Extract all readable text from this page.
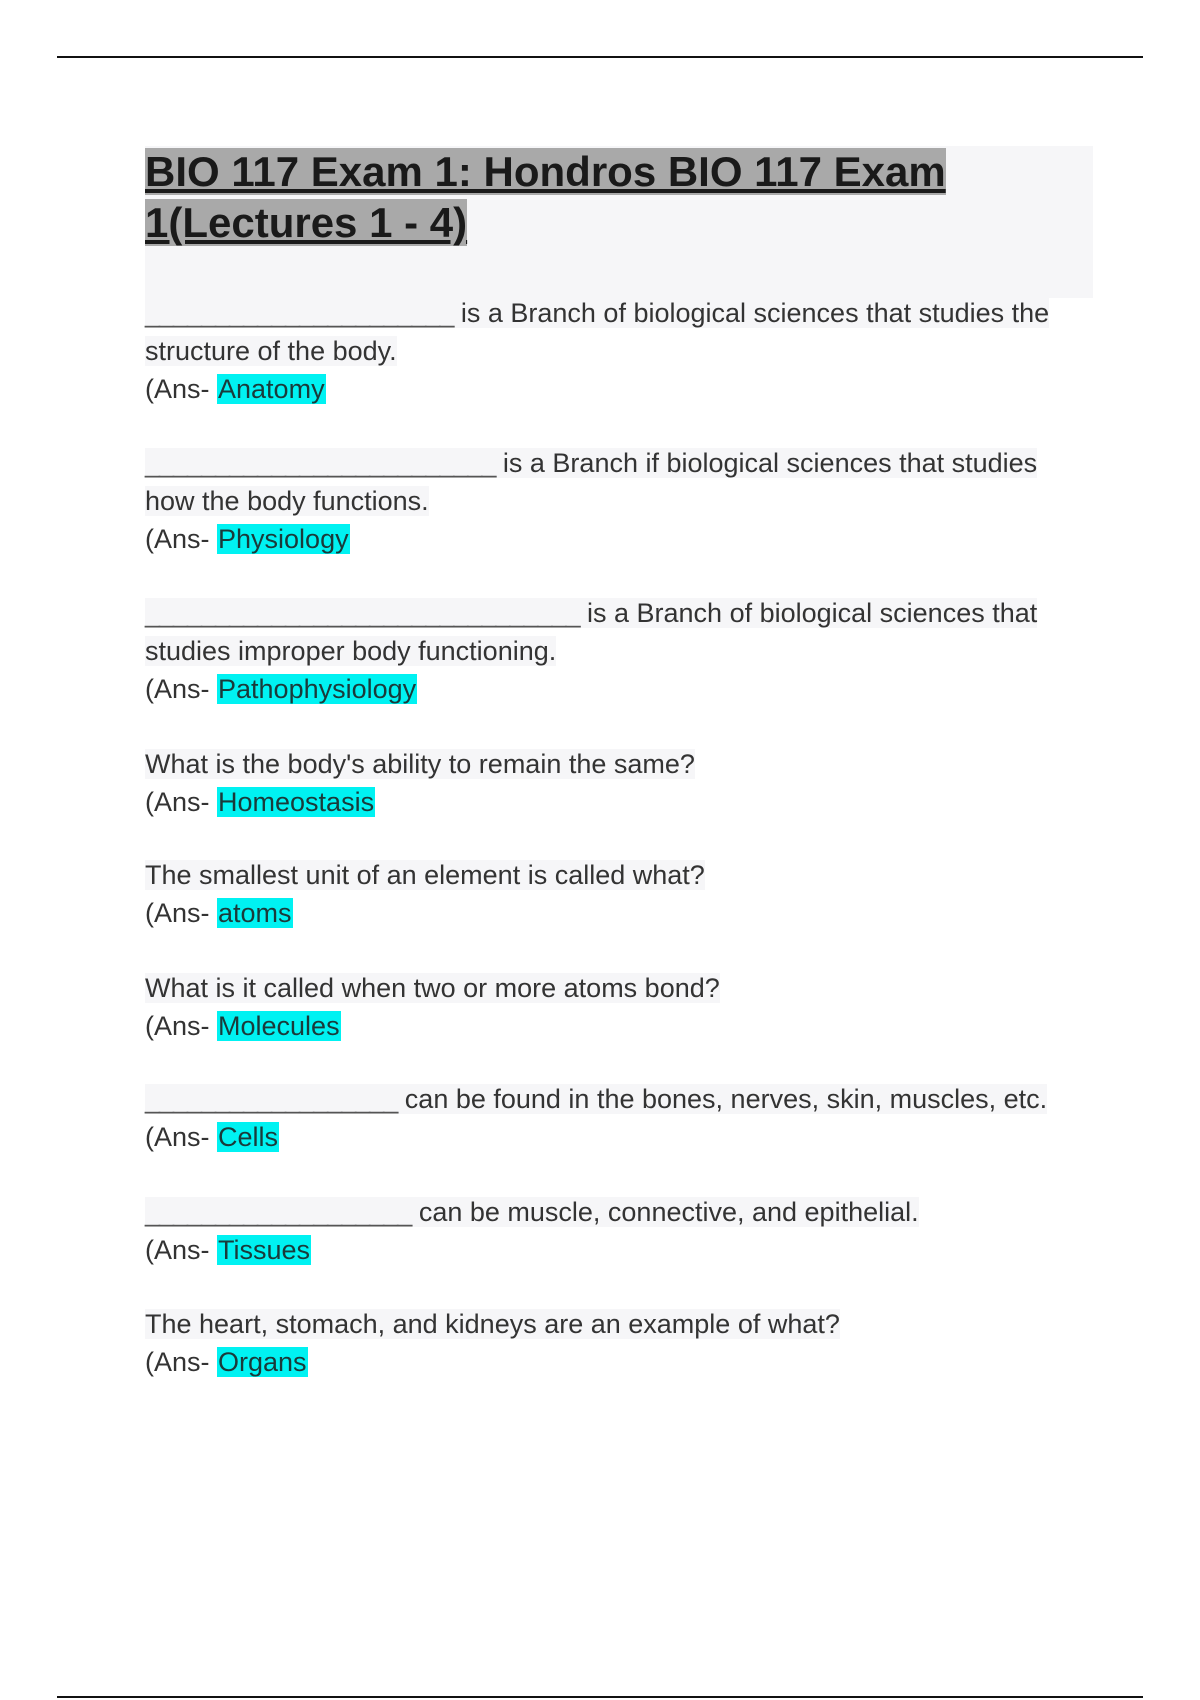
BIO 117 Exam 1: Hondros BIO 117 Exam 1(Lectures 1 - 4)
______________________ is a Branch of biological sciences that studies the
structure of the body.
(Ans- Anatomy
_________________________ is a Branch if biological sciences that studies
how the body functions.
(Ans- Physiology
_______________________________ is a Branch of biological sciences that
studies improper body functioning.
(Ans- Pathophysiology
What is the body's ability to remain the same?
(Ans- Homeostasis
The smallest unit of an element is called what?
(Ans- atoms
What is it called when two or more atoms bond?
(Ans- Molecules
__________________ can be found in the bones, nerves, skin, muscles, etc.
(Ans- Cells
___________________ can be muscle, connective, and epithelial.
(Ans- Tissues
The heart, stomach, and kidneys are an example of what?
(Ans- Organs
